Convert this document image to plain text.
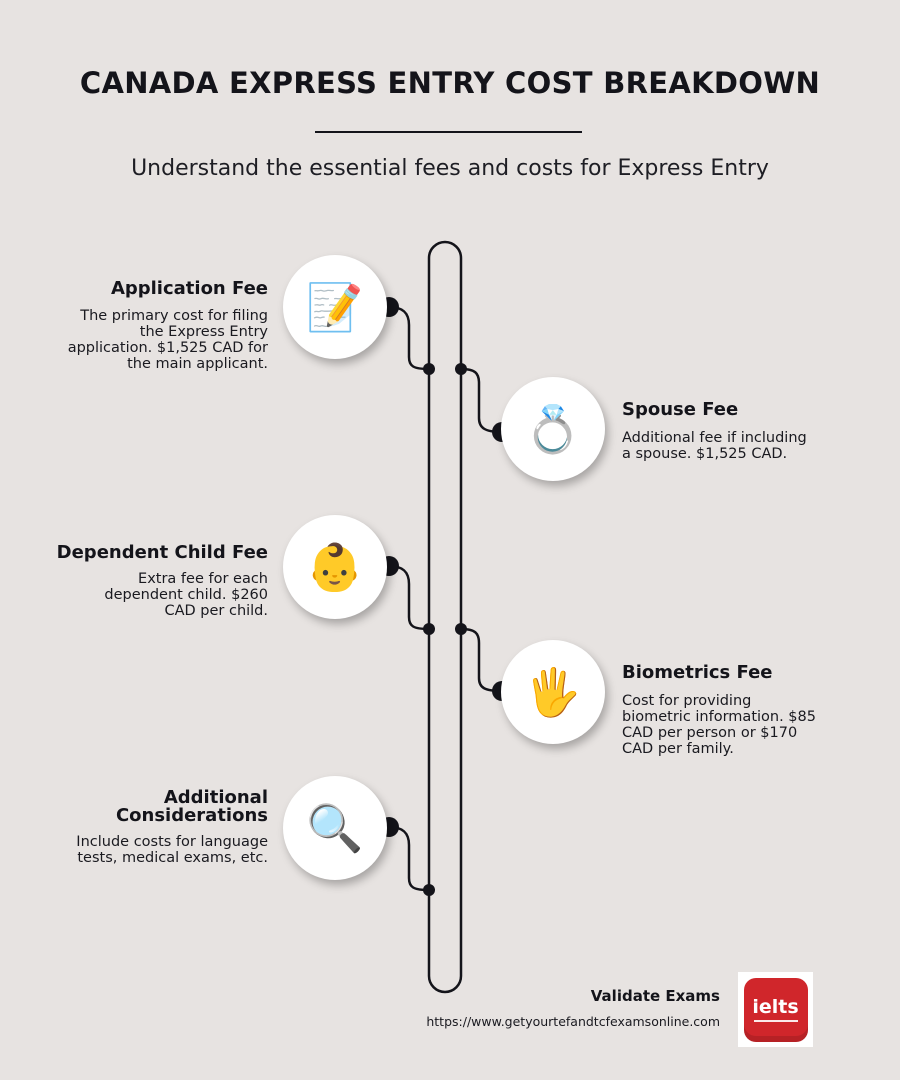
CANADA EXPRESS ENTRY COST BREAKDOWN
Understand the essential fees and costs for Express Entry
📝
Application Fee
The primary cost for filing
the Express Entry
application. $1,525 CAD for
the main applicant.
💍	Spouse Fee
Additional fee if including
a spouse. $1,525 CAD.
👶
Dependent Child Fee
Extra fee for each
dependent child. $260
CAD per child.
🖐	Biometrics Fee
Cost for providing
biometric information. $85
CAD per person or $170
CAD per family.
🔍
Additional
Considerations
Include costs for language
tests, medical exams, etc.
Validate Exams
https://www.getyourtefandtcfexamsonline.com
ielts
